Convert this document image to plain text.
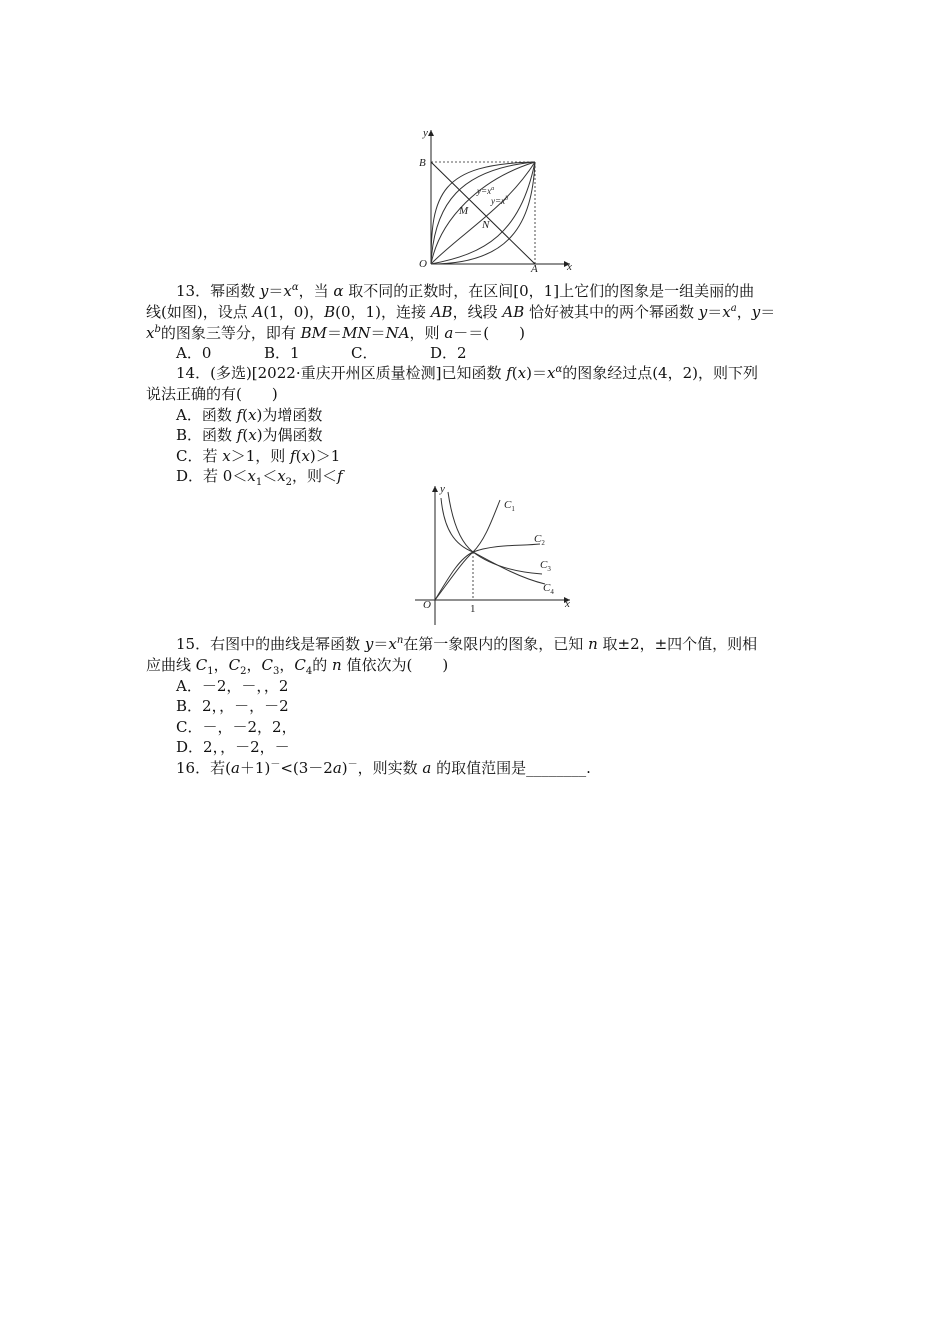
y
x
B
O	A
M
N
$y=x^a$
$y=x^b$
13．幂函数 $y=x^\alpha$，当 α 取不同的正数时，在区间[0，1]上它们的图象是一组美丽的曲
线(如图)，设点 A(1，0)，B(0，1)，连接 AB，线段 AB 恰好被其中的两个幂函数 $y=x^a$，y＝
$x^b$的图象三等分，即有 BM＝MN＝NA，则 a－＝(　　)
A．0	B．1	C．	D．2
14．(多选)[2022·重庆开州区质量检测]已知函数 $f(x)=x^\alpha$的图象经过点(4，2)，则下列
说法正确的有(　　)
A．函数 f(x)为增函数
B．函数 f(x)为偶函数
C．若 x＞1，则 f(x)＞1
D．若 $0<x_1<x_2$，则＜f
y
x
O	1
$C_1$
$C_2$
$C_3$
$C_4$
15．右图中的曲线是幂函数 $y=x^n$在第一象限内的图象，已知 n 取±2，±四个值，则相
应曲线 $C_1$，$C_2$，$C_3$，$C_4$的 n 值依次为(　　)
A．－2，－，，2
B．2，，－，－2
C．－，－2，2，
D．2，，－2，－
16．若(a＋1)－<(3－2a)－，则实数 a 的取值范围是________.
